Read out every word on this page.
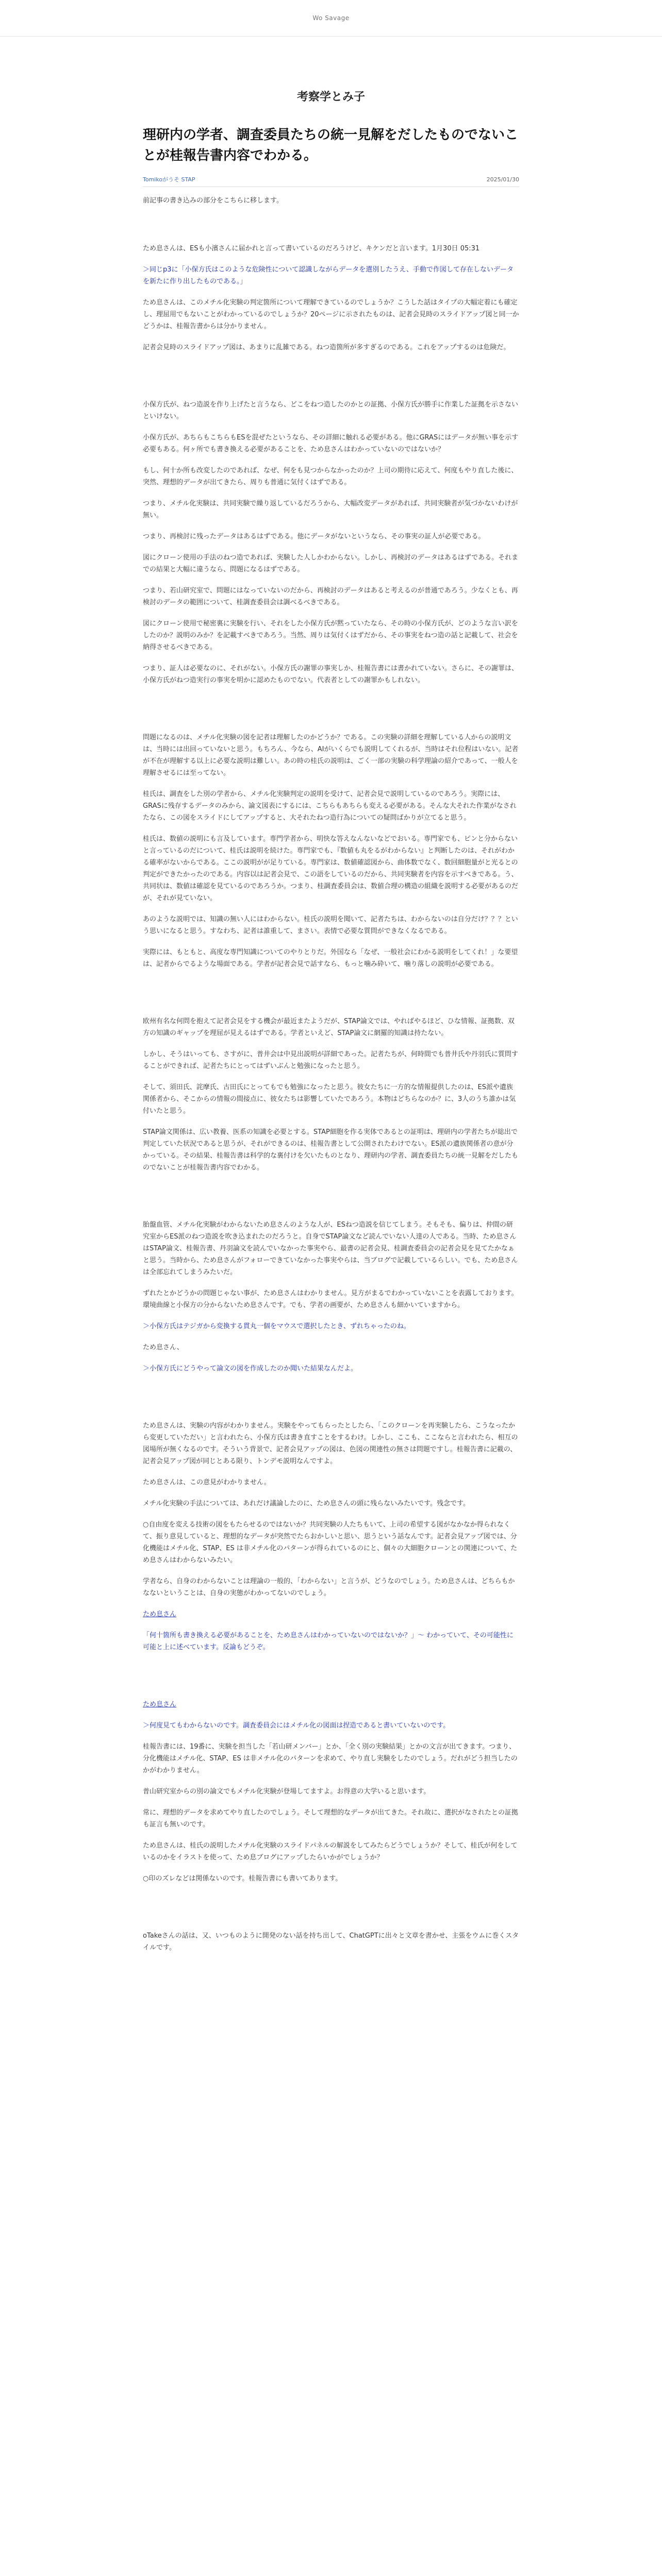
Wo Savage
考察学とみ子
理研内の学者、調査委員たちの統一見解をだしたものでないことが桂報告書内容でわかる。
Tomikoがうそ STAP	2025/01/30
前記事の書き込みの部分をこちらに移します。

ため息さんは、ESも小濱さんに届かれと言って書いているのだろうけど、キケンだと言います。1月30日 05:31

＞同じp3に「小保方氏はこのような危険性について認識しながらデータを選別したうえ、手動で作図して存在しないデータを新たに作り出したものである。」

ため息さんは、このメチル化実験の判定箇所について理解できているのでしょうか？こうした話はタイプの大幅定着にも確定し、理屈用でもないことがわかっているのでしょうか？20ページに示されたものは、記者会見時のスライドアップ図と同一かどうかは、桂報告書からは分かりません。

記者会見時のスライドアップ図は、あまりに乱雑である。ねつ造箇所が多すぎるのである。これをアップするのは危険だ。

小保方氏が、ねつ造説を作り上げたと言うなら、どこをねつ造したのかとの証拠、小保方氏が勝手に作業した証拠を示さないといけない。

小保方氏が、あちらもこちらもESを混ぜたというなら、その詳細に触れる必要がある。他にGRASにはデータが無い事を示す必要もある。何ヶ所でも書き換える必要があることを、ため息さんはわかっていないのではないか？

もし、何十か所も改変したのであれば、なぜ、何をも見つからなかったのか？上司の期待に応えて、何度もやり直した後に、突然、理想的データが出てきたら、周りも普通に気付くはずである。

つまり、メチル化実験は、共同実験で繰り返しているだろうから、大幅改変データがあれば、共同実験者が気づかないわけが無い。

つまり、再検討に残ったデータはあるはずである。他にデータがないというなら、その事実の証人が必要である。

図にクローン使用の手法のねつ造であれば、実験した人しかわからない。しかし、再検討のデータはあるはずである。それまでの結果と大幅に違うなら、問題になるはずである。

つまり、若山研究室で、問題にはなっていないのだから、再検討のデータはあると考えるのが普通であろう。少なくとも、再検討のデータの範囲について、桂調査委員会は調べるべきである。

図にクローン使用で秘密裏に実験を行い、それをした小保方氏が黙っていたなら、その時の小保方氏が、どのような言い訳をしたのか？説明のみか？を記載すべきであろう。当然、周りは気付くはずだから、その事実をねつ造の話と記載して、社会を納得させるべきである。

つまり、証人は必要なのに、それがない。小保方氏の謝罪の事実しか、桂報告書には書かれていない。さらに、その謝罪は、小保方氏がねつ造実行の事実を明かに認めたものでない。代表者としての謝罪かもしれない。

問題になるのは、メチル化実験の図を記者は理解したのかどうか？である。この実験の詳細を理解している人からの説明文は、当時には出回っていないと思う。もちろん、今なら、AIがいくらでも説明してくれるが、当時はそれ位程はいない。記者が不在が理解する以上に必要な説明は難しい。あの時の桂氏の説明は、ごく一部の実験の科学理論の紹介であって、一般人を理解させるには至ってない。

桂氏は、調査をした別の学者から、メチル化実験判定の説明を受けて、記者会見で説明しているのであろう。実際には、GRASに残存するデータのみから、論文図表にするには、こちらもあちらも変える必要がある。そんな大それた作業がなされたなら、この図をスライドにしてアップすると、大それたねつ造行為についての疑問ばかりが立てると思う。

桂氏は、数値の説明にも言及しています。専門学者から、明快な答えなんないなどでおいる。専門家でも、ピンと分からないと言っているのだについて、桂氏は説明を続けた。専門家でも、『数値も丸をるがわからない』と判断したのは、それがわかる確率がないからである。ここの説明がが足りている。専門家は、数値確認図から、曲体数でなく、数回細胞量がと光るとの判定ができたかったのである。内容以は記者会見で、この語をしているのだから、共同実験者を内容を示すべきである。う、共同状は、数値は確認を見ているのであろうか。つまり、桂調査委員会は、数値合理の構造の組織を説明する必要があるのだが、それが見ていない。

あのような説明では、知識の無い人にはわからない。桂氏の説明を聞いて、記者たちは、わからないのは自分だけ？？？という思いになると思う。すなわち、記者は誰重して、まさい。表情で必要な質問ができなくなるである。

実際には、もともと、高度な専門知識についてのやりとりだ。外国なら「なぜ、一般社会にわかる説明をしてくれ！」な要望は、記者からでるような場面である。学者が記者会見で話すなら、もっと噛み砕いて、噛り落しの説明が必要である。

欧州有名な何問を抱えて記者会見をする機会が最近またようだが、STAP論文では、やればやるほど、ひな情報、証拠数、双方の知識のギャップを理屈が見えるはずである。学者といえど、STAP論文に網羅的知識は持たない。

しかし、そうはいっても、さすがに、普井会は中見出説明が詳細であった。記者たちが、何時間でも普井氏や丹羽氏に質問することができれば、記者たちにとってはずいぶんと勉強になったと思う。

そして、須田氏、詫摩氏、古田氏にとってもでも勉強になったと思う。彼女たちに一方的な情報提供したのは、ES派や遺族関係者から、そこからの情報の間接点に、彼女たちは影響していたであろう。本物はどちらなのか？に、3人のうち誰かは気付いたと思う。

STAP論文関係は、広い教養、医系の知識を必要とする。STAP細胞を作る実体であるとの証明は、理研内の学者たちが総出で判定していた状況であると思うが、それができるのは、桂報告書として公開されたわけでない。ES派の遺族関係者の意が分かっている。その結果、桂報告書は科学的な裏付けを欠いたものとなり、理研内の学者、調査委員たちの統一見解をだしたものでないことが桂報告書内容でわかる。

胎盤血管、メチル化実験がわからないため息さんのような人が、ESねつ造説を信じてしまう。そもそも、偏りは、仲間の研究室からES派のねつ造説を吹き込まれたのだろうと。自身でSTAP論文など読んでいない人達の人である。当時、ため息さんはSTAP論文、桂報告書、丹羽論文を読んでいなかった事実やら、最書の記者会見、桂調査委員会の記者会見を見てたかなぁと思う。当時から、ため息さんがフォローできていなかった事実やらは、当ブログで記載しているらしい。でも、ため息さんは全部忘れてしまうみたいだ。

ずれたとかどうかの問題じゃない事が、ため息さんはわかりません。見方がまるでわかっていないことを表露しております。環境曲線と小保方の分からないため息さんです。でも、学者の画要が、ため息さんも細かいていますから。

＞小保方氏はテジガから変換する貫丸一個をマウスで選択したとき、ずれちゃったのね。

ため息さん、

＞小保方氏にどうやって論文の図を作成したのか聞いた結果なんだよ。

ため息さんは、実験の内容がわかりません。実験をやってもらったとしたら、「このクローンを再実験したら、こうなったから変更していただい」と言われたら、小保方氏は書き直すことをするわけ。しかし、ここも、ここならと言われたら、相互の図場所が無くなるのです。そういう背景で、記者会見アップの図は、色図の関連性の無さは問題ですし。桂報告書に記載の、記者会見アップ図が同じとある限り、トンデモ説明なんですよ。

ため息さんは、この意見がわかりません。

メチル化実験の手法については、あれだけ議論したのに、ため息さんの頭に残らないみたいです。残念です。

○自由度を変える技術の図をもたらせるのではないか？共同実験の人たちもいて、上司の希望する図がなかなか得られなくて、振り意見していると、理想的なデータが突然でたらおかしいと思い、思うという話なんです。記者会見アップ図では、分化機能はメチル化、STAP、ES は非メチル化のパターンが得られているのにと、個々の大細胞クローンとの関連について、ため息さんはわからないみたい。

学者なら、自身のわからないことは理論の一般的、「わからない」と言うが、どうなのでしょう。ため息さんは、どちらもかなないということは、自身の実態がわかってないのでしょう。

ため息さん

「何十箇所も書き換える必要があることを、ため息さんはわかっていないのではないか？」～ わかっていて、その可能性に可能と上に述べています。反論もどうぞ。

ため息さん

＞何度見てもわからないのです。調査委員会にはメチル化の図面は捏造であると書いていないのです。

桂報告書には、19番に、実験を担当した「若山研メンバー」とか、「全く別の実験結果」とかの文言が出てきます。つまり、分化機能はメチル化、STAP、ES は非メチル化のパターンを求めて、やり直し実験をしたのでしょう。だれがどう担当したのかがわかりません。

普山研究室からの別の論文でもメチル化実験が登場してますよ。お得意の大学いると思います。

常に、理想的データを求めてやり直したのでしょう。そして理想的なデータが出てきた。それ故に、選択がなされたとの証拠も証言も無いのです。

ため息さんは、桂氏の説明したメチル化実験のスライドパネルの解説をしてみたらどうでしょうか？そして、桂氏が何をしているのかをイラストを使って、ため息ブログにアップしたらいかがでしょうか？

○印のズレなどは関係ないのです。桂報告書にも書いてあります。

oTakeさんの話は、又、いつものように開発のない話を持ち出して、ChatGPTに出々と文章を書かせ、主張をウムに巻くスタイルです。
